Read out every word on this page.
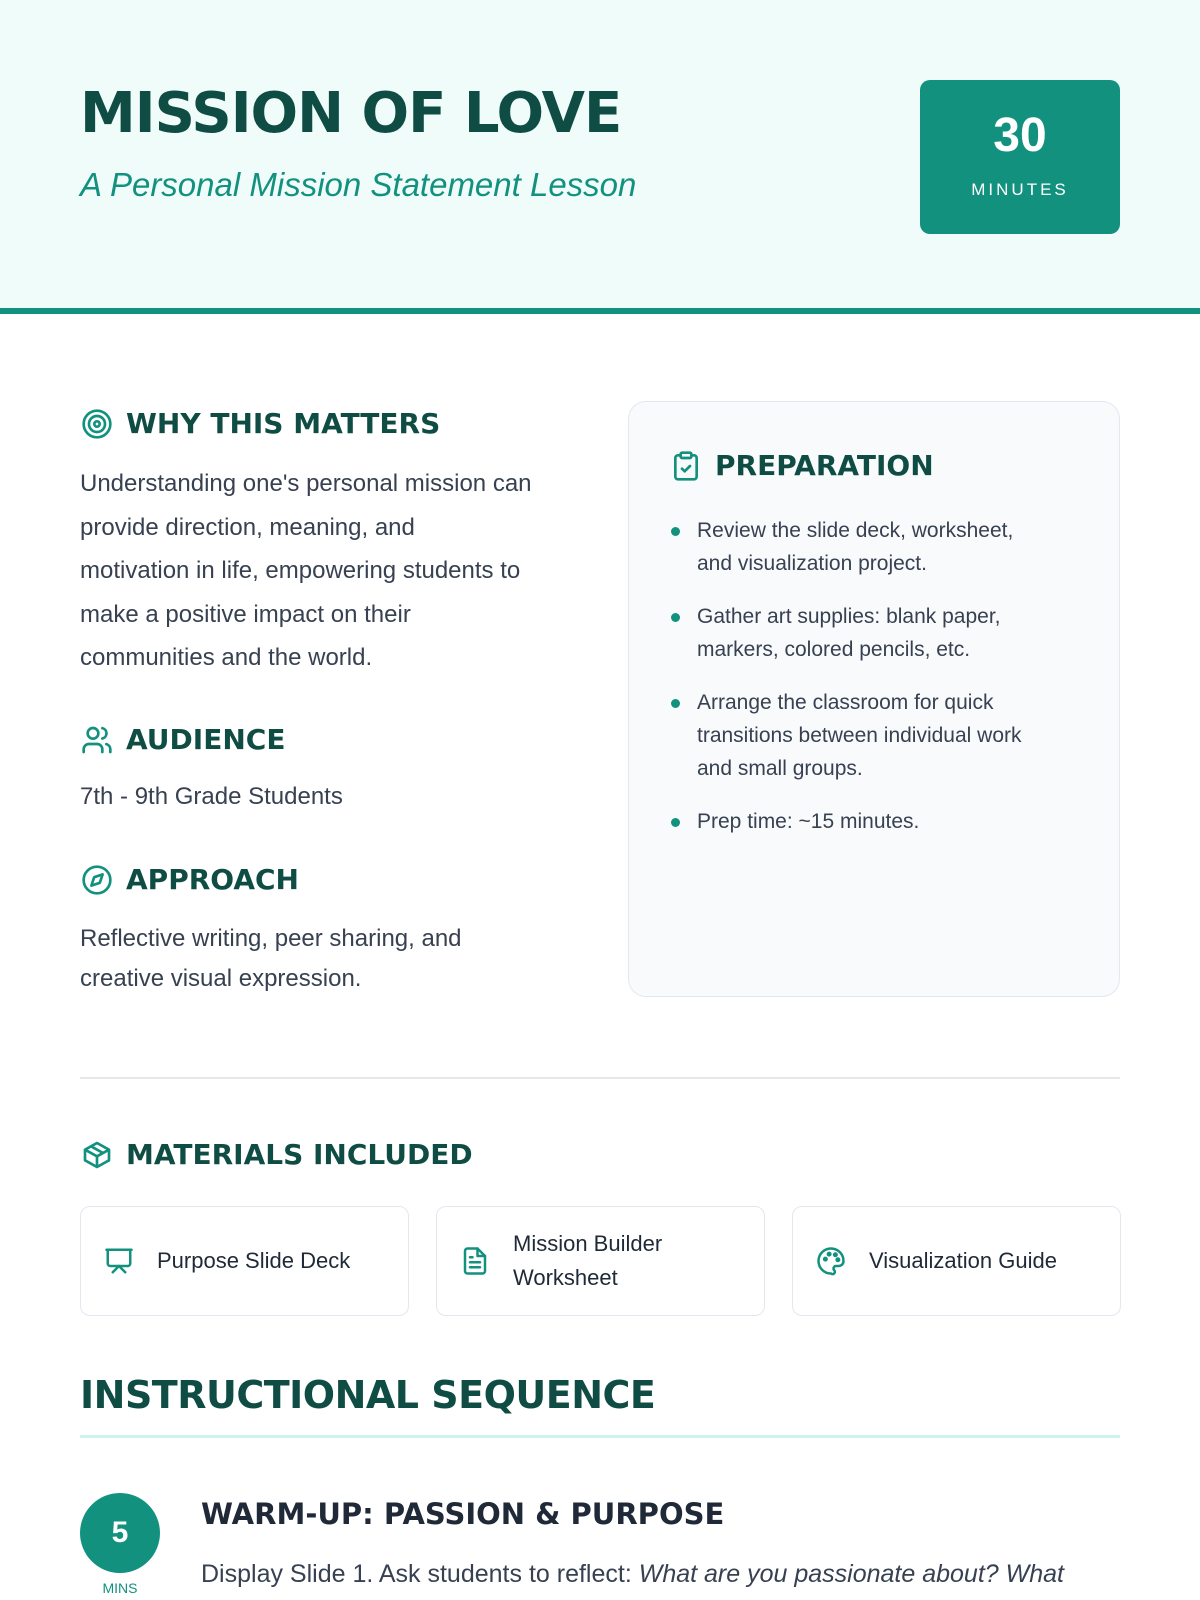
MISSION OF LOVE
A Personal Mission Statement Lesson
30
MINUTES
WHY THIS MATTERS
Understanding one's personal mission can
provide direction, meaning, and
motivation in life, empowering students to
make a positive impact on their
communities and the world.
AUDIENCE
7th - 9th Grade Students
APPROACH
Reflective writing, peer sharing, and
creative visual expression.
PREPARATION
Review the slide deck, worksheet,
and visualization project.
Gather art supplies: blank paper,
markers, colored pencils, etc.
Arrange the classroom for quick
transitions between individual work
and small groups.
Prep time: ~15 minutes.
MATERIALS INCLUDED
Purpose Slide Deck
Mission Builder
Worksheet
Visualization Guide
INSTRUCTIONAL SEQUENCE
5
MINS
WARM-UP: PASSION & PURPOSE
Display Slide 1. Ask students to reflect: What are you passionate about? What
